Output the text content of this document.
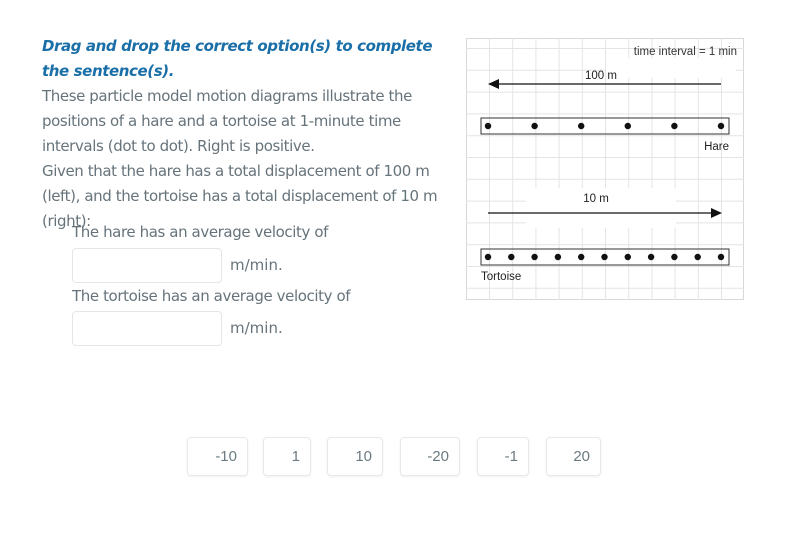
Drag and drop the correct option(s) to complete the sentence(s).
These particle model motion diagrams illustrate the positions of a hare and a tortoise at 1-minute time intervals (dot to dot). Right is positive.
Given that the hare has a total displacement of 100 m (left), and the tortoise has a total displacement of 10 m (right):
The hare has an average velocity of
m/min.
The tortoise has an average velocity of
m/min.
-10	1	10	-20	-1	20
time interval = 1 min
100 m
Hare
10 m
Tortoise
